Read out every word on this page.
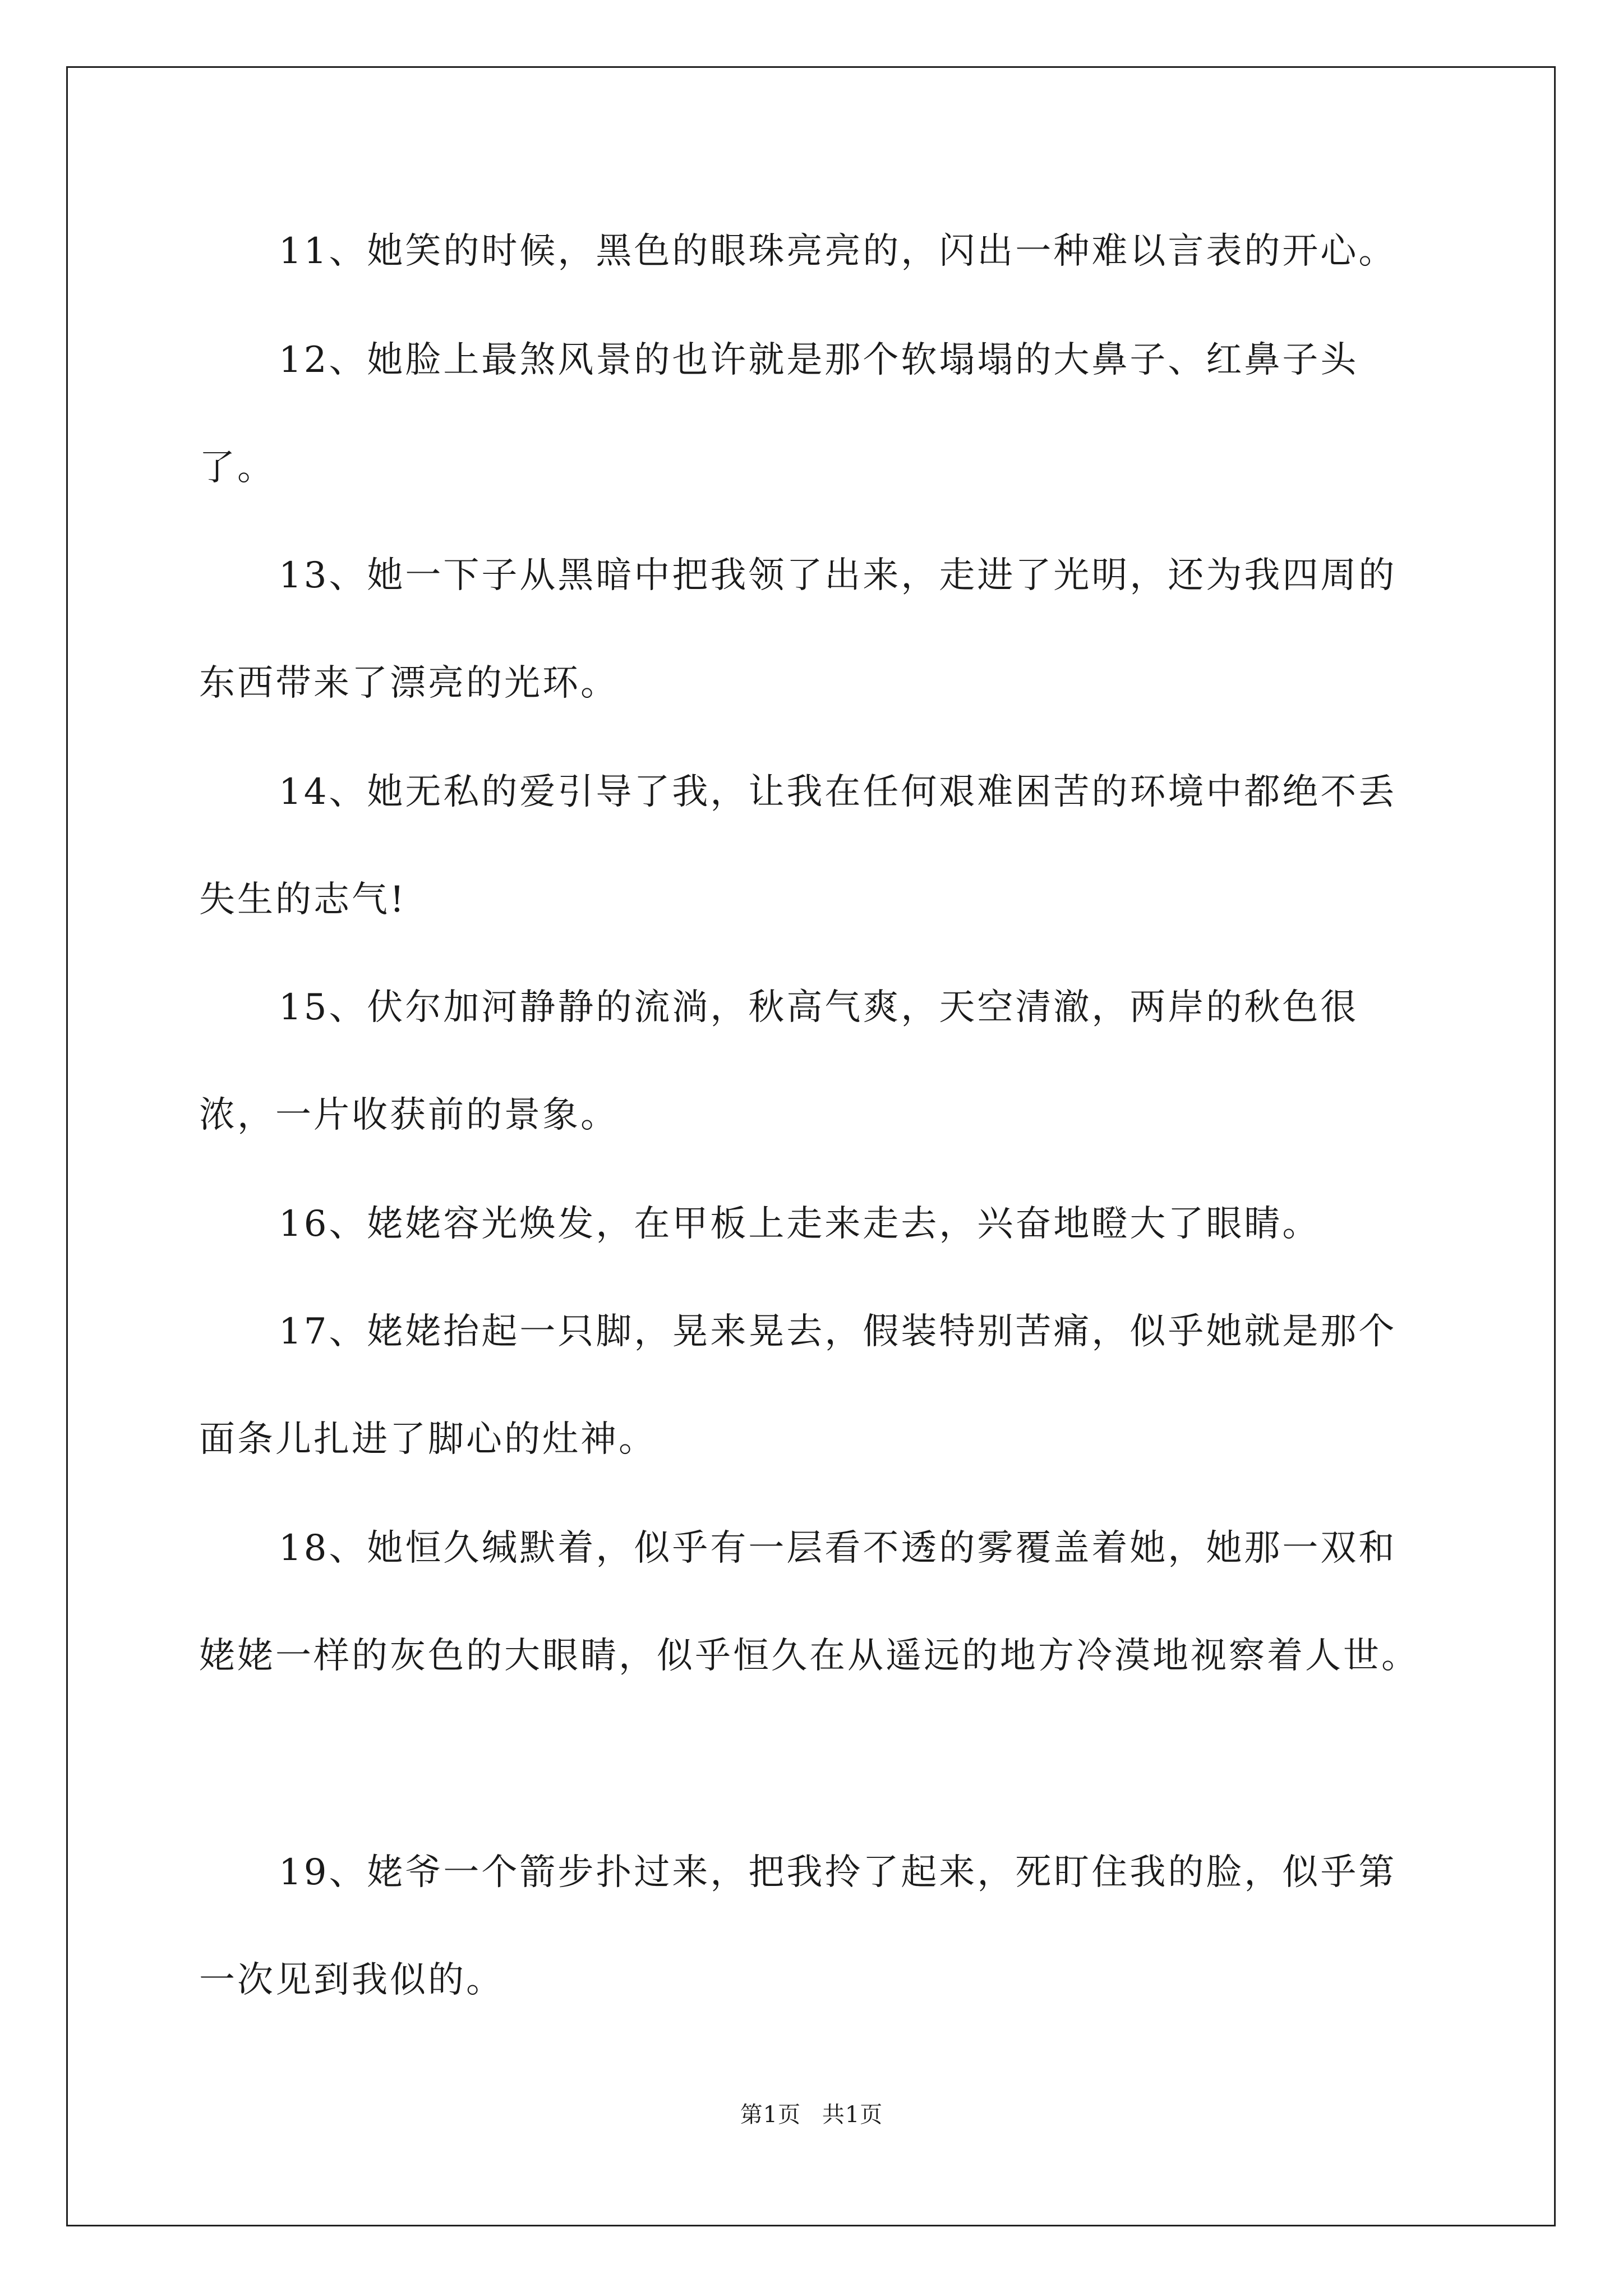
11、她笑的时候，黑色的眼珠亮亮的，闪出一种难以言表的开心。

12、她脸上最煞风景的也许就是那个软塌塌的大鼻子、红鼻子头了。

13、她一下子从黑暗中把我领了出来，走进了光明，还为我四周的东西带来了漂亮的光环。

14、她无私的爱引导了我，让我在任何艰难困苦的环境中都绝不丢失生的志气!

15、伏尔加河静静的流淌，秋高气爽，天空清澈，两岸的秋色很浓，一片收获前的景象。

16、姥姥容光焕发，在甲板上走来走去，兴奋地瞪大了眼睛。

17、姥姥抬起一只脚，晃来晃去，假装特别苦痛，似乎她就是那个面条儿扎进了脚心的灶神。

18、她恒久缄默着，似乎有一层看不透的雾覆盖着她，她那一双和姥姥一样的灰色的大眼睛，似乎恒久在从遥远的地方冷漠地视察着人世。

19、姥爷一个箭步扑过来，把我拎了起来，死盯住我的脸，似乎第一次见到我似的。

第1页 共1页
